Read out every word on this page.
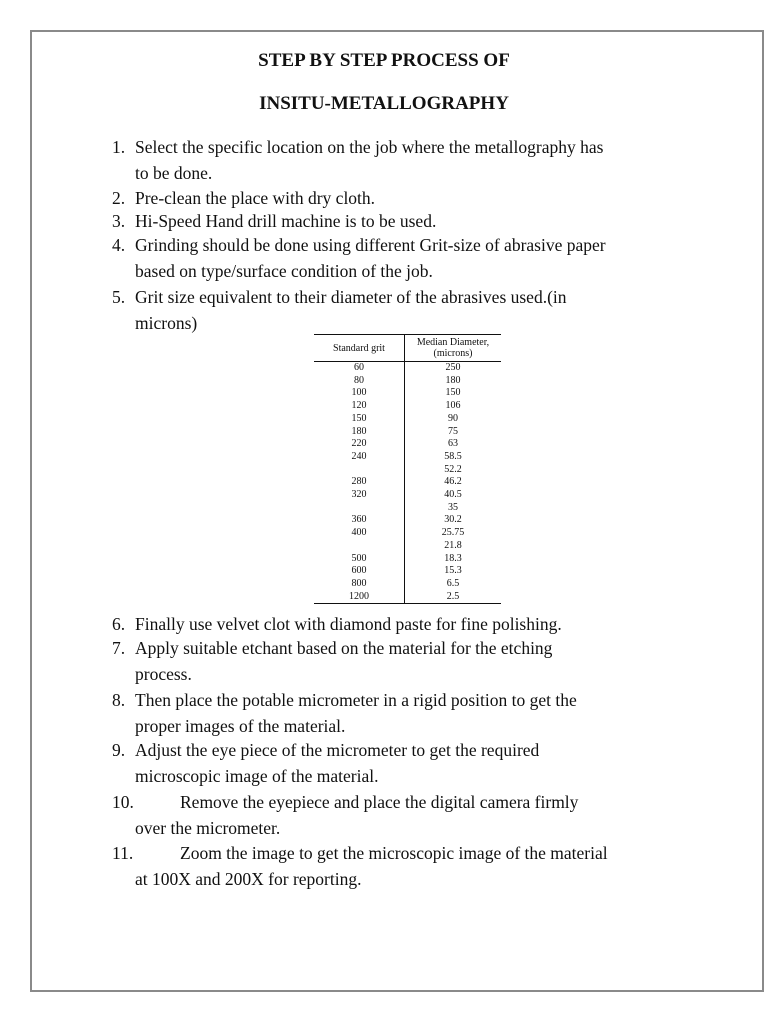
STEP BY STEP PROCESS OF
INSITU-METALLOGRAPHY
1. Select the specific location on the job where the metallography has
to be done.
2. Pre-clean the place with dry cloth.
3. Hi-Speed Hand drill machine is to be used.
4. Grinding should be done using different Grit-size of abrasive paper
based on type/surface condition of the job.
5. Grit size equivalent to their diameter of the abrasives used.(in
microns)
Standard grit	Median Diameter, (microns)
60	250
80	180
100	150
120	106
150	90
180	75
220	63
240	58.5
	52.2
280	46.2
320	40.5
	35
360	30.2
400	25.75
	21.8
500	18.3
600	15.3
800	6.5
1200	2.5
6. Finally use velvet clot with diamond paste for fine polishing.
7. Apply suitable etchant based on the material for the etching
process.
8. Then place the potable micrometer in a rigid position to get the
proper images of the material.
9. Adjust the eye piece of the micrometer to get the required
microscopic image of the material.
10.	Remove the eyepiece and place the digital camera firmly
over the micrometer.
11.	Zoom the image to get the microscopic image of the material
at 100X and 200X for reporting.
